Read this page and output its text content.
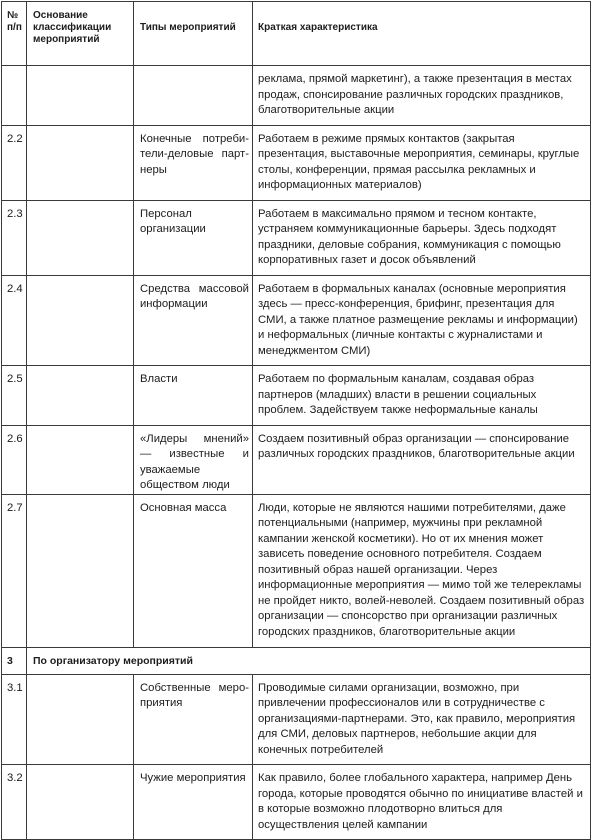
№ п/п	Основание классификации мероприятий	Типы мероприятий	Краткая характеристика
			реклама, прямой маркетинг), а также презентация в местах продаж, спонсирование различных городских праздников, благотворительные акции
2.2		Конечные потребители-деловые партнеры	Работаем в режиме прямых контактов (закрытая презентация, выставочные мероприятия, семинары, круглые столы, конференции, прямая рассылка рекламных и информационных материалов)
2.3		Персонал организации	Работаем в максимально прямом и тесном контакте, устраняем коммуникационные барьеры. Здесь подходят праздники, деловые собрания, коммуникация с помощью корпоративных газет и досок объявлений
2.4		Средства массовой информации	Работаем в формальных каналах (основные мероприятия здесь — пресс-конференция, брифинг, презентация для СМИ, а также платное размещение рекламы и информации) и неформальных (личные контакты с журналистами и менеджментом СМИ)
2.5		Власти	Работаем по формальным каналам, создавая образ партнеров (младших) власти в решении социальных проблем. Задействуем также неформальные каналы
2.6		«Лидеры мнений» — известные и уважаемые обществом люди	Создаем позитивный образ организации — спонсирование различных городских праздников, благотворительные акции
2.7		Основная масса	Люди, которые не являются нашими потребителями, даже потенциальными (например, мужчины при рекламной кампании женской косметики). Но от их мнения может зависеть поведение основного потребителя. Создаем позитивный образ нашей организации. Через информационные мероприятия — мимо той же телерекламы не пройдет никто, волей-неволей. Создаем позитивный образ организации — спонсорство при организации различных городских праздников, благотворительные акции
3	По организатору мероприятий		
3.1		Собственные мероприятия	Проводимые силами организации, возможно, при привлечении профессионалов или в сотрудничестве с организациями-партнерами. Это, как правило, мероприятия для СМИ, деловых партнеров, небольшие акции для конечных потребителей
3.2		Чужие мероприятия	Как правило, более глобального характера, например День города, которые проводятся обычно по инициативе властей и в которые возможно плодотворно влиться для осуществления целей кампании
